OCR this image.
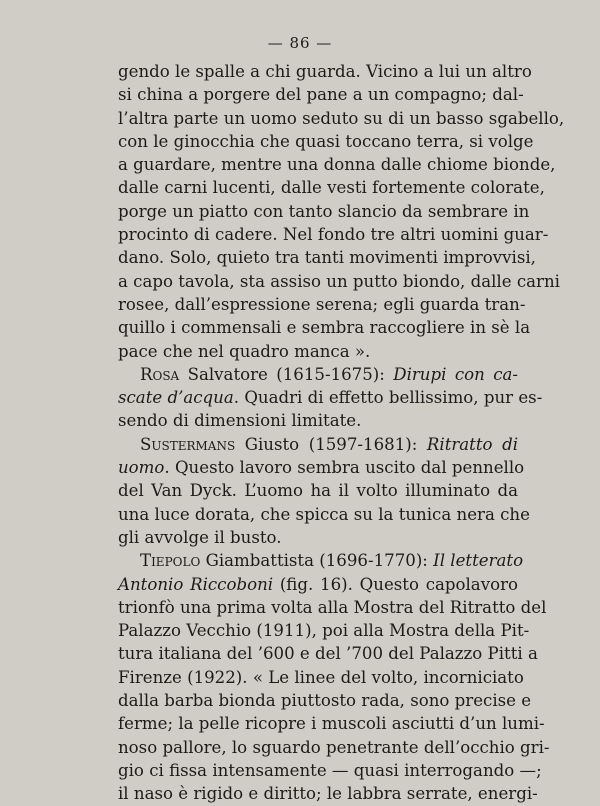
— 86 —
gendo le spalle a chi guarda. Vicino a lui un altro
si china a porgere del pane a un compagno; dal-
l’altra parte un uomo seduto su di un basso sgabello,
con le ginocchia che quasi toccano terra, si volge
a guardare, mentre una donna dalle chiome bionde,
dalle carni lucenti, dalle vesti fortemente colorate,
porge un piatto con tanto slancio da sembrare in
procinto di cadere. Nel fondo tre altri uomini guar-
dano. Solo, quieto tra tanti movimenti improvvisi,
a capo tavola, sta assiso un putto biondo, dalle carni
rosee, dall’espressione serena; egli guarda tran-
quillo i commensali e sembra raccogliere in sè la
pace che nel quadro manca ».
Rosa Salvatore (1615-1675): Dirupi con ca-
scate d’acqua. Quadri di effetto bellissimo, pur es-
sendo di dimensioni limitate.
Sustermans Giusto (1597-1681): Ritratto di
uomo. Questo lavoro sembra uscito dal pennello
del Van Dyck. L’uomo ha il volto illuminato da
una luce dorata, che spicca su la tunica nera che
gli avvolge il busto.
Tiepolo Giambattista (1696-1770): Il letterato
Antonio Riccoboni (fig. 16). Questo capolavoro
trionfò una prima volta alla Mostra del Ritratto del
Palazzo Vecchio (1911), poi alla Mostra della Pit-
tura italiana del ’600 e del ’700 del Palazzo Pitti a
Firenze (1922). « Le linee del volto, incorniciato
dalla barba bionda piuttosto rada, sono precise e
ferme; la pelle ricopre i muscoli asciutti d’un lumi-
noso pallore, lo sguardo penetrante dell’occhio gri-
gio ci fissa intensamente — quasi interrogando —;
il naso è rigido e diritto; le labbra serrate, energi-
